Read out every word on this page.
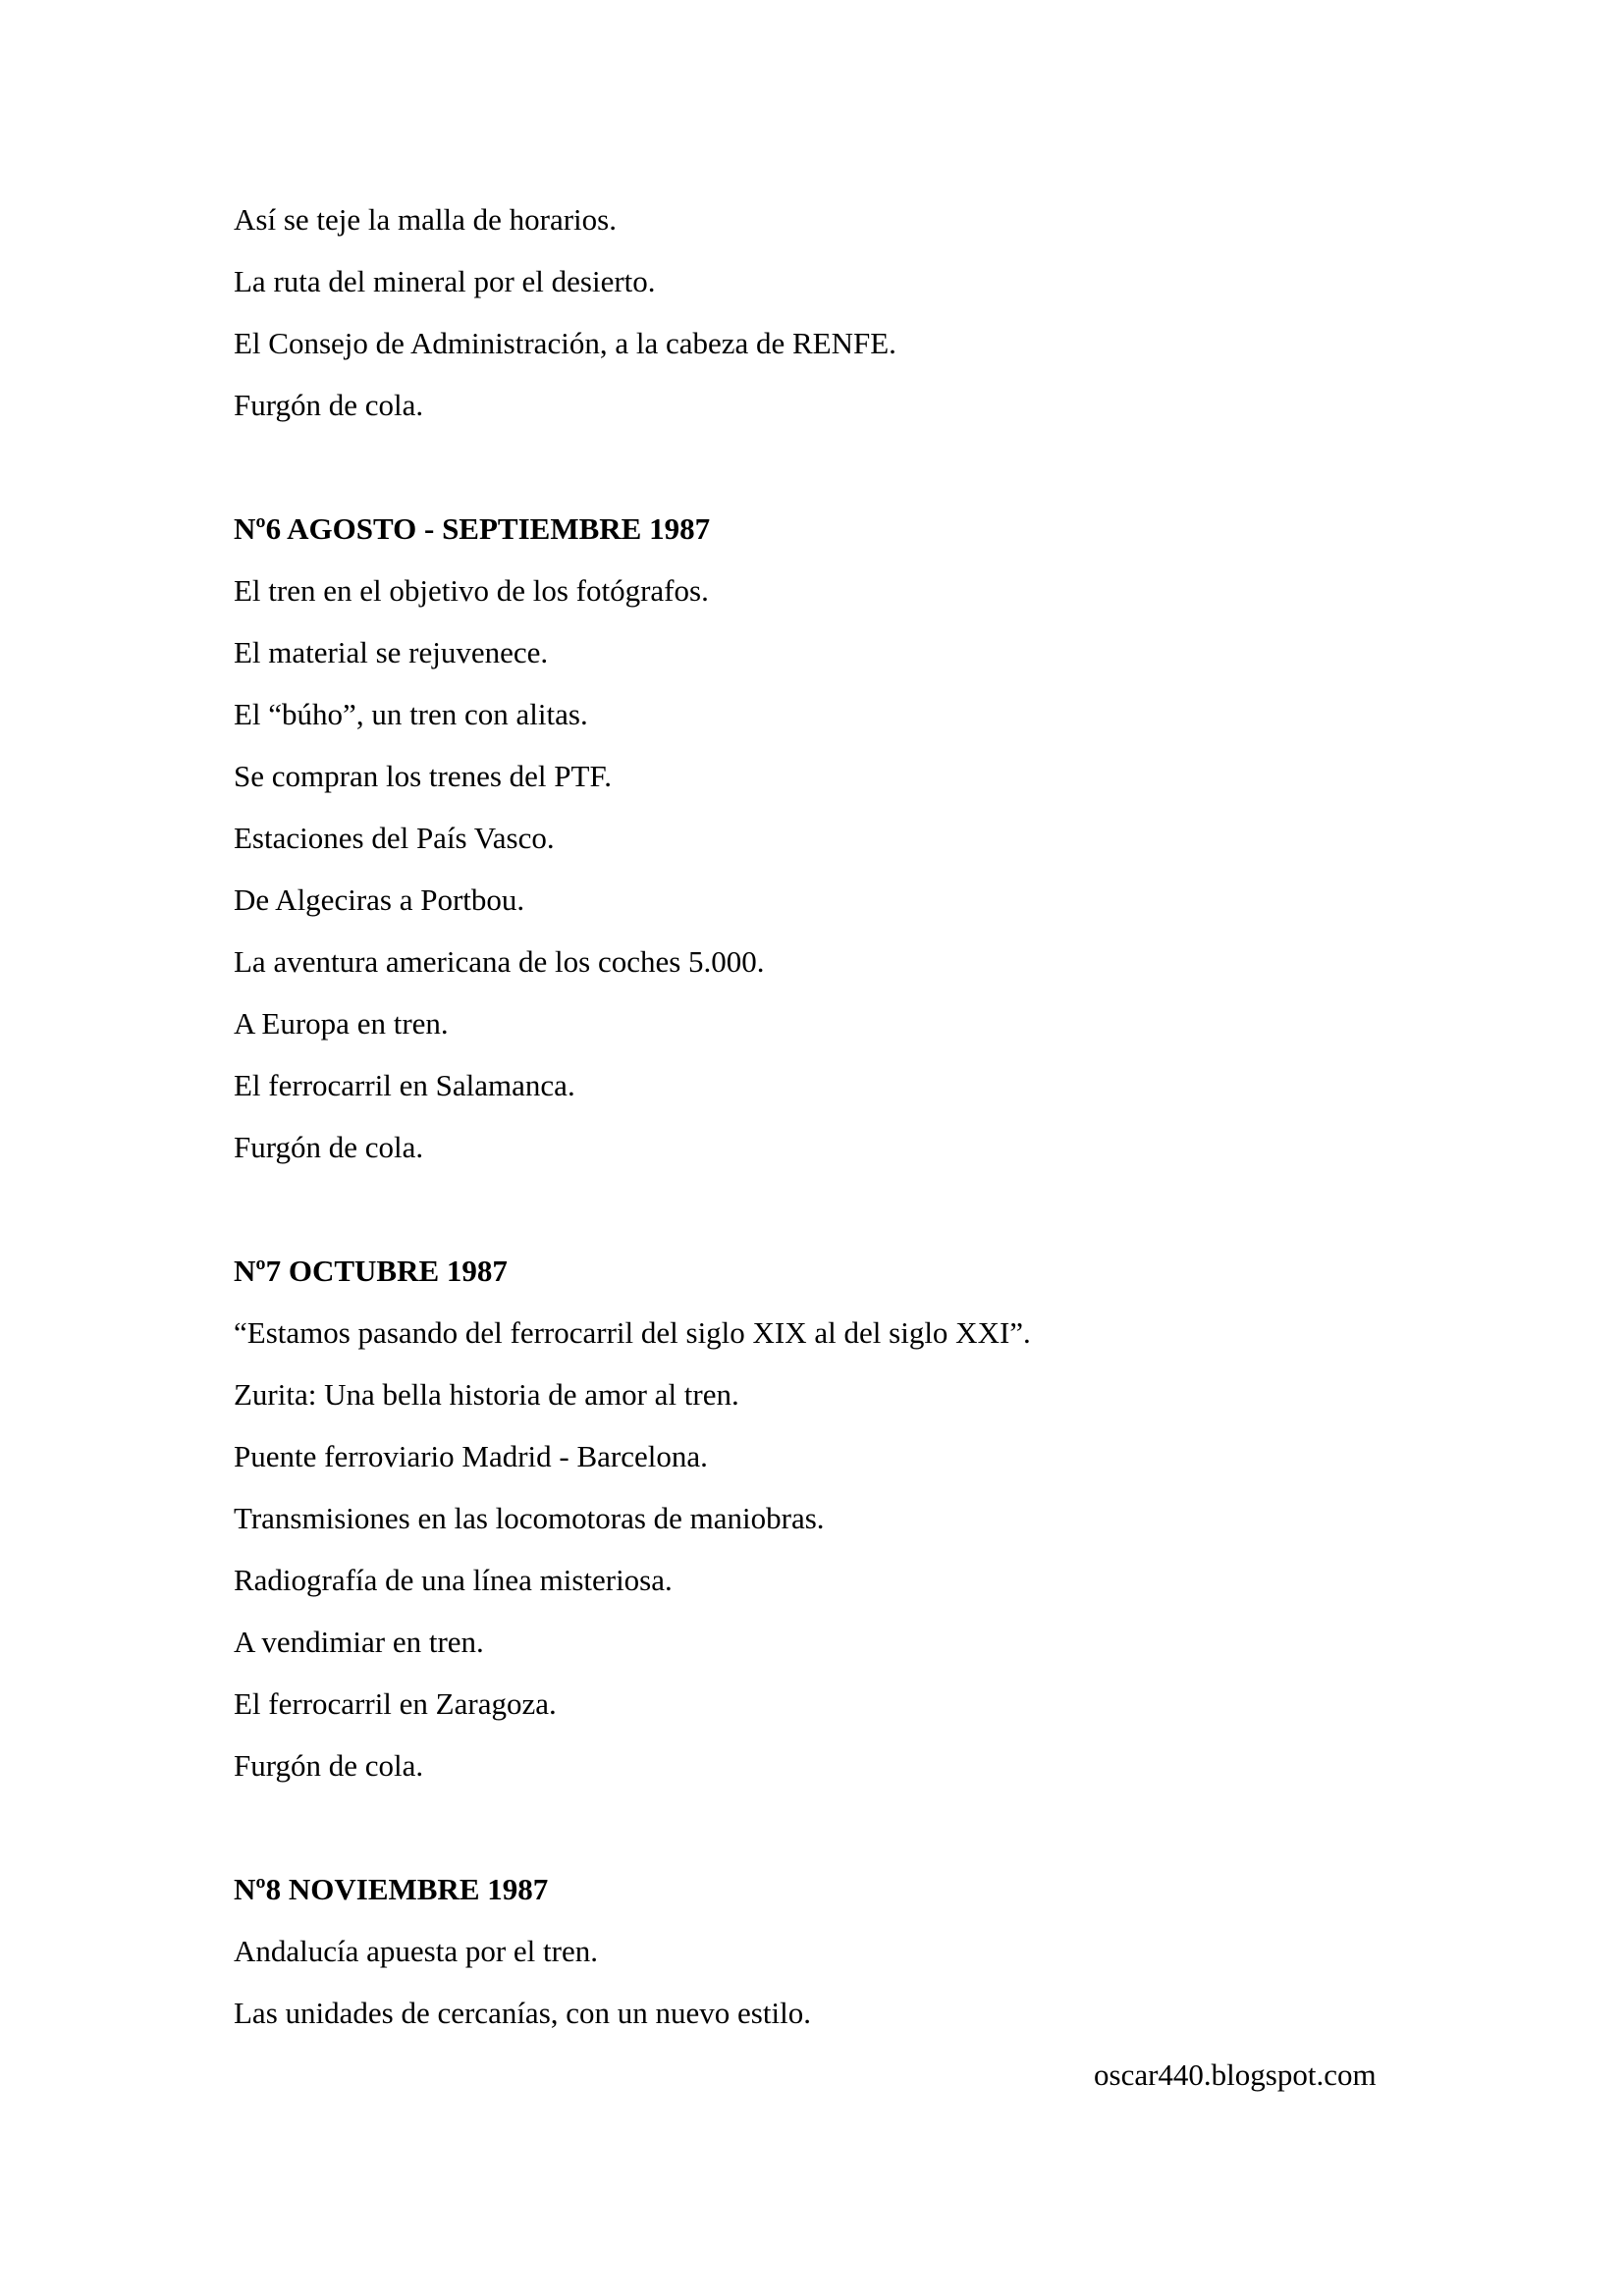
Así se teje la malla de horarios.
La ruta del mineral por el desierto.
El Consejo de Administración, a la cabeza de RENFE.
Furgón de cola.
Nº6 AGOSTO - SEPTIEMBRE 1987
El tren en el objetivo de los fotógrafos.
El material se rejuvenece.
El “búho”, un tren con alitas.
Se compran los trenes del PTF.
Estaciones del País Vasco.
De Algeciras a Portbou.
La aventura americana de los coches 5.000.
A Europa en tren.
El ferrocarril en Salamanca.
Furgón de cola.
Nº7 OCTUBRE 1987
“Estamos pasando del ferrocarril del siglo XIX al del siglo XXI”.
Zurita: Una bella historia de amor al tren.
Puente ferroviario Madrid - Barcelona.
Transmisiones en las locomotoras de maniobras.
Radiografía de una línea misteriosa.
A vendimiar en tren.
El ferrocarril en Zaragoza.
Furgón de cola.
Nº8 NOVIEMBRE 1987
Andalucía apuesta por el tren.
Las unidades de cercanías, con un nuevo estilo.
oscar440.blogspot.com
